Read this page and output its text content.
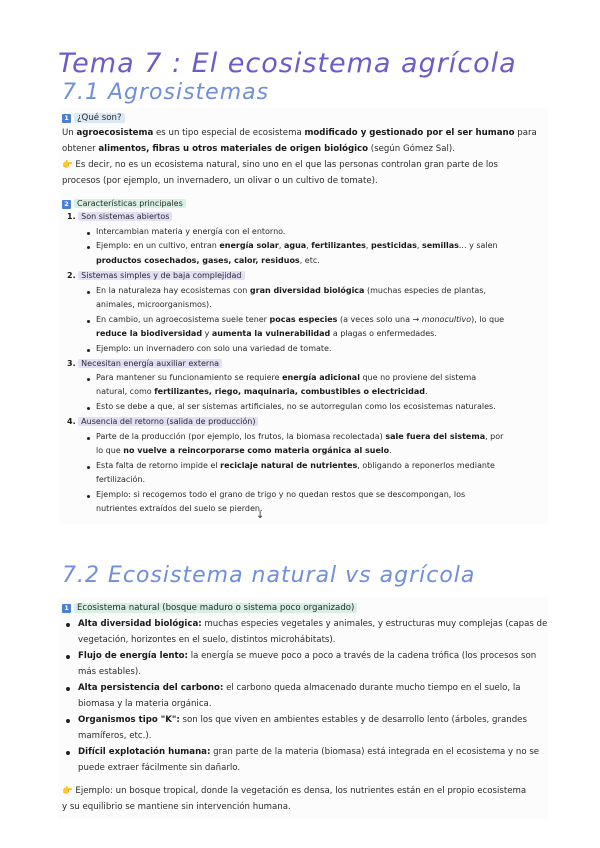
Tema 7 : El ecosistema agrícola
7.1 Agrosistemas
7.2 Ecosistema natural vs agrícola
1 ¿Qué son?
Un agroecosistema es un tipo especial de ecosistema modificado y gestionado por el ser humano para
obtener alimentos, fibras u otros materiales de origen biológico (según Gómez Sal).
👉 Es decir, no es un ecosistema natural, sino uno en el que las personas controlan gran parte de los
procesos (por ejemplo, un invernadero, un olivar o un cultivo de tomate).
2 Características principales
1. Son sistemas abiertos
Intercambian materia y energía con el entorno.
Ejemplo: en un cultivo, entran energía solar, agua, fertilizantes, pesticidas, semillas... y salen
productos cosechados, gases, calor, residuos, etc.
2. Sistemas simples y de baja complejidad
En la naturaleza hay ecosistemas con gran diversidad biológica (muchas especies de plantas,
animales, microorganismos).
En cambio, un agroecosistema suele tener pocas especies (a veces solo una → monocultivo), lo que
reduce la biodiversidad y aumenta la vulnerabilidad a plagas o enfermedades.
Ejemplo: un invernadero con solo una variedad de tomate.
3. Necesitan energía auxiliar externa
Para mantener su funcionamiento se requiere energía adicional que no proviene del sistema
natural, como fertilizantes, riego, maquinaria, combustibles o electricidad.
Esto se debe a que, al ser sistemas artificiales, no se autorregulan como los ecosistemas naturales.
4. Ausencia del retorno (salida de producción)
Parte de la producción (por ejemplo, los frutos, la biomasa recolectada) sale fuera del sistema, por
lo que no vuelve a reincorporarse como materia orgánica al suelo.
Esta falta de retorno impide el reciclaje natural de nutrientes, obligando a reponerlos mediante
fertilización.
Ejemplo: si recogemos todo el grano de trigo y no quedan restos que se descompongan, los
nutrientes extraídos del suelo se pierden.
↓
1 Ecosistema natural (bosque maduro o sistema poco organizado)
Alta diversidad biológica: muchas especies vegetales y animales, y estructuras muy complejas (capas de
vegetación, horizontes en el suelo, distintos microhábitats).
Flujo de energía lento: la energía se mueve poco a poco a través de la cadena trófica (los procesos son
más estables).
Alta persistencia del carbono: el carbono queda almacenado durante mucho tiempo en el suelo, la
biomasa y la materia orgánica.
Organismos tipo "K": son los que viven en ambientes estables y de desarrollo lento (árboles, grandes
mamíferos, etc.).
Difícil explotación humana: gran parte de la materia (biomasa) está integrada en el ecosistema y no se
puede extraer fácilmente sin dañarlo.
👉 Ejemplo: un bosque tropical, donde la vegetación es densa, los nutrientes están en el propio ecosistema
y su equilibrio se mantiene sin intervención humana.
